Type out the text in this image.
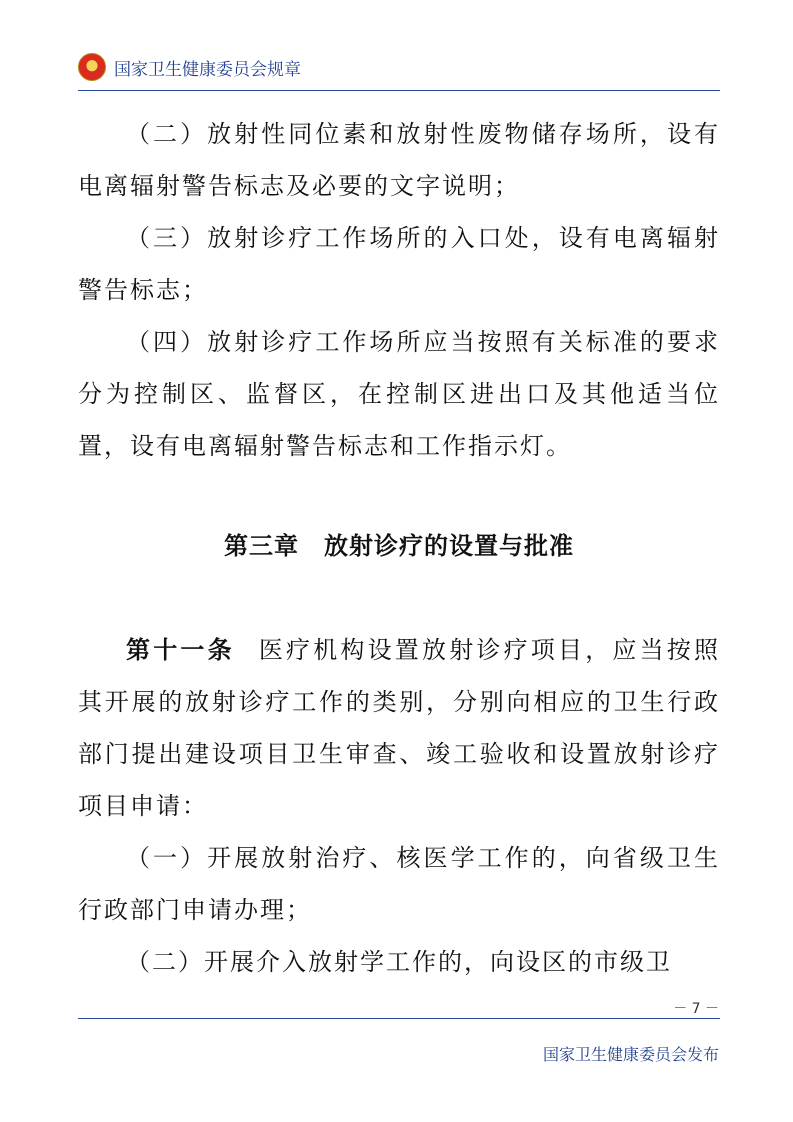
★
国家卫生健康委员会规章

（二）放射性同位素和放射性废物储存场所，设有电离辐射警告标志及必要的文字说明；

（三）放射诊疗工作场所的入口处，设有电离辐射警告标志；

（四）放射诊疗工作场所应当按照有关标准的要求分为控制区、监督区，在控制区进出口及其他适当位置，设有电离辐射警告标志和工作指示灯。

第三章　放射诊疗的设置与批准

第十一条 医疗机构设置放射诊疗项目，应当按照其开展的放射诊疗工作的类别，分别向相应的卫生行政部门提出建设项目卫生审查、竣工验收和设置放射诊疗项目申请：

（一）开展放射治疗、核医学工作的，向省级卫生行政部门申请办理；

（二）开展介入放射学工作的，向设区的市级卫

－ 7 －
国家卫生健康委员会发布
